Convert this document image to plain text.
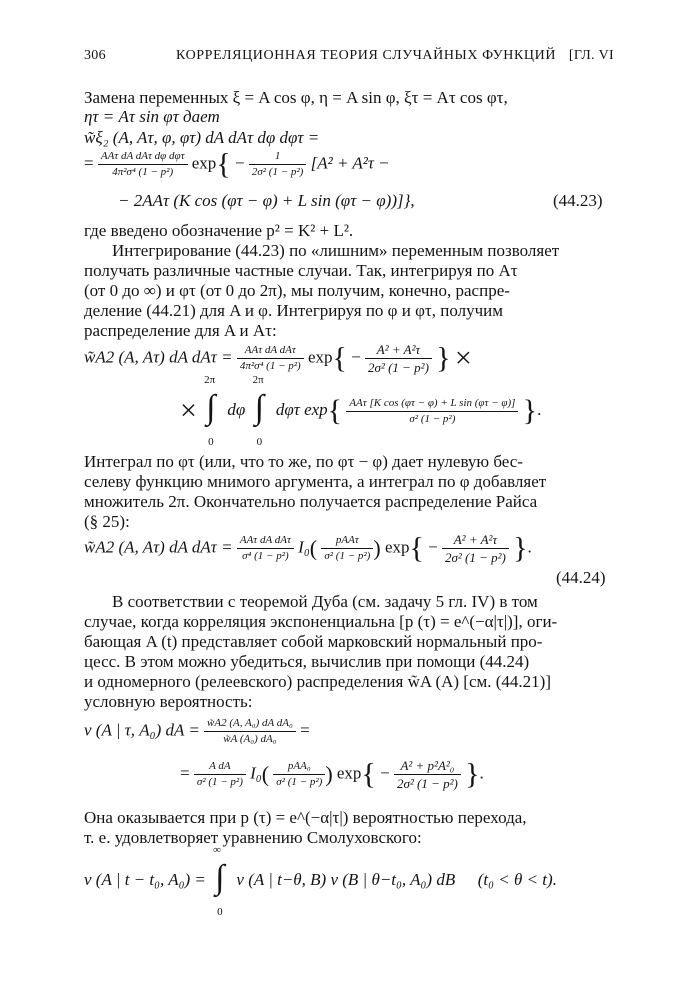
306	КОРРЕЛЯЦИОННАЯ ТЕОРИЯ СЛУЧАЙНЫХ ФУНКЦИЙ [ГЛ. VI
Замена переменных ξ = A cos φ, η = A sin φ, ξτ = Aτ cos φτ,
ητ = Aτ sin φτ дает
w̃ξ₂ (A, Aτ, φ, φτ) dA dAτ dφ dφτ =
= $\frac{\text{AAτ dA dAτ dφ dφτ}}{\text{4π²σ⁴ (1 − p²)}} \exp\{ - \frac{1}{\text{2σ² (1 − p²)}} [A^2 + A^2\tau$ −
− 2AAτ (K cos (φτ − φ) + L sin (φτ − φ))]},	(44.23)
где введено обозначение p² = K² + L².
Интегрирование (44.23) по «лишним» переменным позволяет
получать различные частные случаи. Так, интегрируя по Aτ
(от 0 до ∞) и φτ (от 0 до 2π), мы получим, конечно, распре-
деление (44.21) для A и φ. Интегрируя по φ и φτ, получим
распределение для A и Aτ:
w̃A2 (A, Aτ) dA $dA\tau = \frac{\text{AAτ dA dAτ}}{\text{4π²σ⁴ (1 − p²)}} \exp\{ - \frac{\text{A² + A²τ}}{\text{2σ² (1 − p²)}}$ } ×
×
2π
∫
0
dφ
2π
∫
0
dφτ $\exp\{ \frac{\text{AAτ [K cos (φτ − φ) + L sin (φτ − φ)]}}{\text{σ² (1 − p²)}}$ }.
Интеграл по φτ (или, что то же, по φτ − φ) дает нулевую бес-
селеву функцию мнимого аргумента, а интеграл по φ добавляет
множитель 2π. Окончательно получается распределение Райса
(§ 25):
w̃A2 (A, Aτ) dA $dA\tau = \frac{\text{AAτ dA dAτ}}{\text{σ⁴ (1 − p²)}} I_0( \frac{\text{pAAτ}}{\text{σ² (1 − p²)}}$ ) $\exp\{ - \frac{\text{A² + A²τ}}{\text{2σ² (1 − p²)}}$ }.
(44.24)
В соответствии с теоремой Дуба (см. задачу 5 гл. IV) в том
случае, когда корреляция экспоненциальна [p (τ) = e^(−α|τ|)], оги-
бающая A (t) представляет собой марковский нормальный про-
цесс. В этом можно убедиться, вычислив при помощи (44.24)
и одномерного (релеевского) распределения w̃A (A) [см. (44.21)]
условную вероятность:
v (A | τ, A₀) dA = $\frac{\text{w̃A2 (A, A₀) dA dA₀}}{\text{w̃A (A₀) dA₀}}$ =
= $\frac{\text{A dA}}{\text{σ² (1 − p²)}} I_0( \frac{\text{pAA₀}}{\text{σ² (1 − p²)}}$ ) $\exp\{ - \frac{\text{A² + p²A²₀}}{\text{2σ² (1 − p²)}}$ }.
Она оказывается при p (τ) = e^(−α|τ|) вероятностью перехода,
т. е. удовлетворяет уравнению Смолуховского:
v (A | t − t₀, A₀) =
∞
∫
0
v (A | t−θ, B) v (B | θ−t₀, A₀) dB (t₀ < θ < t).
